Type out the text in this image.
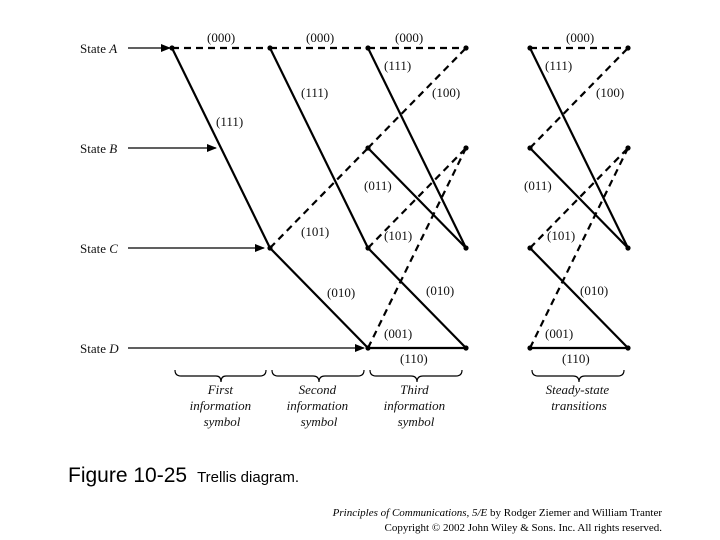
State A
State B
State C
State D
(000)
(111)
(000)
(111)
(101)
(010)
(000)
(111)
(100)
(011)
(101)
(010)
(001)
(110)
(000)
(111)
(100)
(011)
(101)
(010)
(001)
(110)
First information symbol
Second information symbol
Third information symbol
Steady-state transitions
Figure 10-25 Trellis diagram.
Principles of Communications, 5/E by Rodger Ziemer and William Tranter
Copyright © 2002 John Wiley & Sons. Inc. All rights reserved.
